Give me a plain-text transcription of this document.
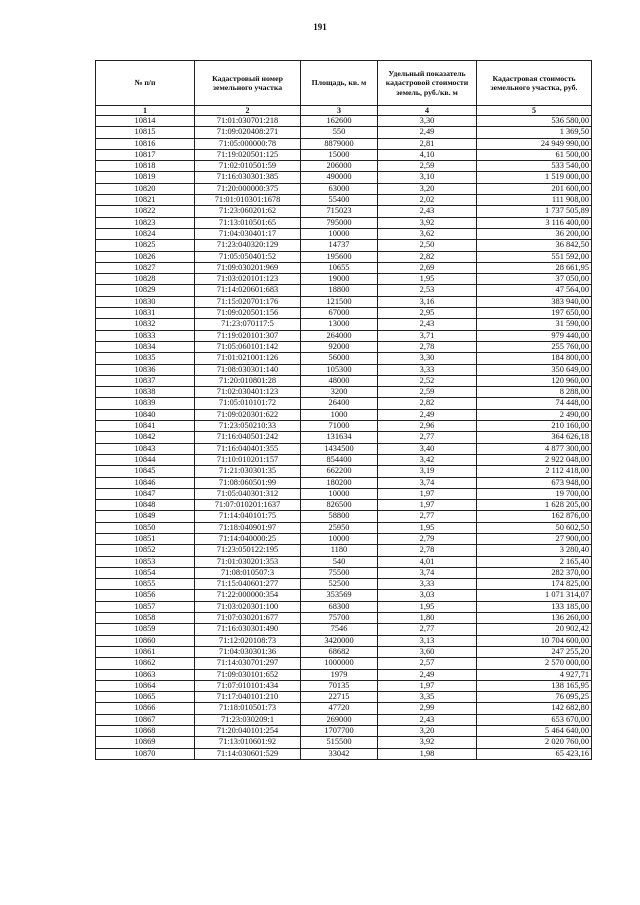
191
№ п/п	Кадастровый номер земельного участка	Площадь, кв. м	Удельный показатель кадастровой стоимости земель, руб./кв. м	Кадастровая стоимость земельного участка, руб.
1	2	3	4	5
10814	71:01:030701:218	162600	3,30	536 580,00
10815	71:09:020408:271	550	2,49	1 369,50
10816	71:05:000000:78	8879000	2,81	24 949 990,00
10817	71:19:020501:125	15000	4,10	61 500,00
10818	71:02:010501:59	206000	2,59	533 540,00
10819	71:16:030301:385	490000	3,10	1 519 000,00
10820	71:20:000000:375	63000	3,20	201 600,00
10821	71:01:010301:1678	55400	2,02	111 908,00
10822	71:23:060201:62	715023	2,43	1 737 505,89
10823	71:13:010501:65	795000	3,92	3 116 400,00
10824	71:04:030401:17	10000	3,62	36 200,00
10825	71:23:040320:129	14737	2,50	36 842,50
10826	71:05:050401:52	195600	2,82	551 592,00
10827	71:09:030201:969	10655	2,69	28 661,95
10828	71:03:020101:123	19000	1,95	37 050,00
10829	71:14:020601:683	18800	2,53	47 564,00
10830	71:15:020701:176	121500	3,16	383 940,00
10831	71:09:020501:156	67000	2,95	197 650,00
10832	71:23:070117:5	13000	2,43	31 590,00
10833	71:19:020101:307	264000	3,71	979 440,00
10834	71:05:060101:142	92000	2,78	255 760,00
10835	71:01:021001:126	56000	3,30	184 800,00
10836	71:08:030301:140	105300	3,33	350 649,00
10837	71:20:010801:28	48000	2,52	120 960,00
10838	71:02:030401:123	3200	2,59	8 288,00
10839	71:05:010101:72	26400	2,82	74 448,00
10840	71:09:020301:622	1000	2,49	2 490,00
10841	71:23:050210:33	71000	2,96	210 160,00
10842	71:16:040501:242	131634	2,77	364 626,18
10843	71:16:040401:355	1434500	3,40	4 877 300,00
10844	71:10:010201:157	854400	3,42	2 922 048,00
10845	71:21:030301:35	662200	3,19	2 112 418,00
10846	71:08:060501:99	180200	3,74	673 948,00
10847	71:05:040301:312	10000	1,97	19 700,00
10848	71:07:010201:1637	826500	1,97	1 628 205,00
10849	71:14:040101:75	58800	2,77	162 876,00
10850	71:18:040901:97	25950	1,95	50 602,50
10851	71:14:040000:25	10000	2,79	27 900,00
10852	71:23:050122:195	1180	2,78	3 280,40
10853	71:01:030201:353	540	4,01	2 165,40
10854	71:08:010507:3	75500	3,74	282 370,00
10855	71:15:040601:277	52500	3,33	174 825,00
10856	71:22:000000:354	353569	3,03	1 071 314,07
10857	71:03:020301:100	68300	1,95	133 185,00
10858	71:07:030201:677	75700	1,80	136 260,00
10859	71:16:030301:490	7546	2,77	20 902,42
10860	71:12:020108:73	3420000	3,13	10 704 600,00
10861	71:04:030301:36	68682	3,60	247 255,20
10862	71:14:030701:297	1000000	2,57	2 570 000,00
10863	71:09:030101:652	1979	2,49	4 927,71
10864	71:07:010101:434	70135	1,97	138 165,95
10865	71:17:040101:210	22715	3,35	76 095,25
10866	71:18:010501:73	47720	2,99	142 682,80
10867	71:23:030209:1	269000	2,43	653 670,00
10868	71:20:040101:254	1707700	3,20	5 464 640,00
10869	71:13:010601:92	515500	3,92	2 020 760,00
10870	71:14:030601:529	33042	1,98	65 423,16
